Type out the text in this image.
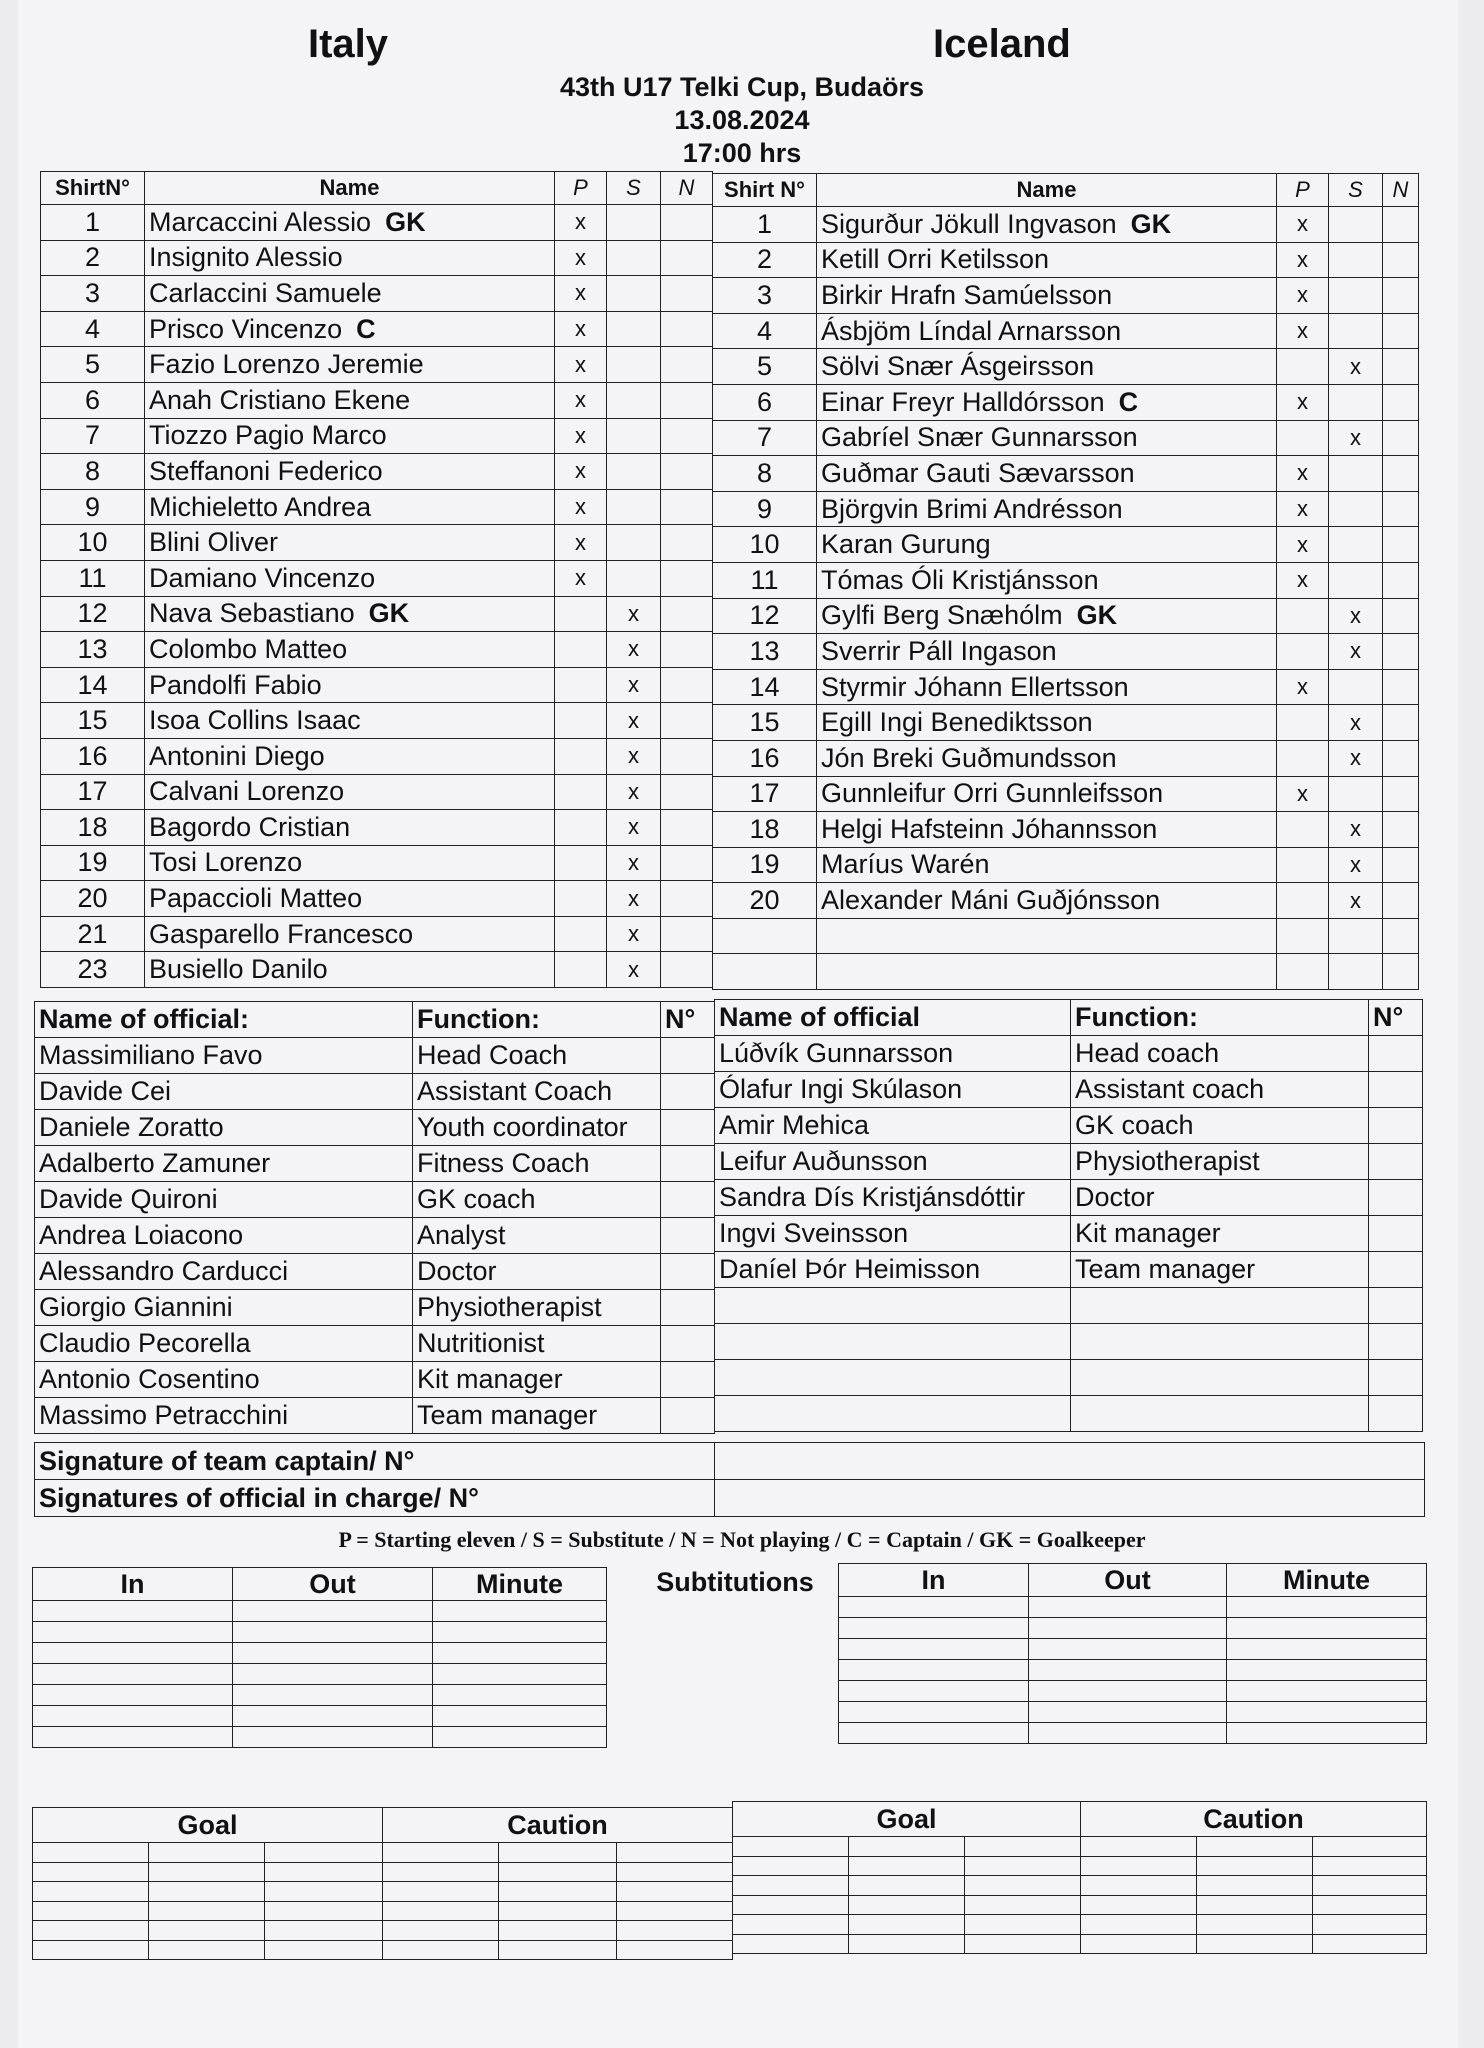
Italy	Iceland
43th U17 Telki Cup, Budaörs
13.08.2024
17:00 hrs
ShirtN°	Name	P	S	N
1	Marcaccini Alessio GK	x		
2	Insignito Alessio	x		
3	Carlaccini Samuele	x		
4	Prisco Vincenzo C	x		
5	Fazio Lorenzo Jeremie	x		
6	Anah Cristiano Ekene	x		
7	Tiozzo Pagio Marco	x		
8	Steffanoni Federico	x		
9	Michieletto Andrea	x		
10	Blini Oliver	x		
11	Damiano Vincenzo	x		
12	Nava Sebastiano GK		x	
13	Colombo Matteo		x	
14	Pandolfi Fabio		x	
15	Isoa Collins Isaac		x	
16	Antonini Diego		x	
17	Calvani Lorenzo		x	
18	Bagordo Cristian		x	
19	Tosi Lorenzo		x	
20	Papaccioli Matteo		x	
21	Gasparello Francesco		x	
23	Busiello Danilo		x	
Shirt N°	Name	P	S	N
1	Sigurður Jökull Ingvason GK	x		
2	Ketill Orri Ketilsson	x		
3	Birkir Hrafn Samúelsson	x		
4	Ásbjöm Líndal Arnarsson	x		
5	Sölvi Snær Ásgeirsson		x	
6	Einar Freyr Halldórsson C	x		
7	Gabríel Snær Gunnarsson		x	
8	Guðmar Gauti Sævarsson	x		
9	Björgvin Brimi Andrésson	x		
10	Karan Gurung	x		
11	Tómas Óli Kristjánsson	x		
12	Gylfi Berg Snæhólm GK		x	
13	Sverrir Páll Ingason		x	
14	Styrmir Jóhann Ellertsson	x		
15	Egill Ingi Benediktsson		x	
16	Jón Breki Guðmundsson		x	
17	Gunnleifur Orri Gunnleifsson	x		
18	Helgi Hafsteinn Jóhannsson		x	
19	Maríus Warén		x	
20	Alexander Máni Guðjónsson		x	

Name of official:	Function:	N°
Massimiliano Favo	Head Coach	
Davide Cei	Assistant Coach	
Daniele Zoratto	Youth coordinator	
Adalberto Zamuner	Fitness Coach	
Davide Quironi	GK coach	
Andrea Loiacono	Analyst	
Alessandro Carducci	Doctor	
Giorgio Giannini	Physiotherapist	
Claudio Pecorella	Nutritionist	
Antonio Cosentino	Kit manager	
Massimo Petracchini	Team manager	
Name of official	Function:	N°
Lúðvík Gunnarsson	Head coach	
Ólafur Ingi Skúlason	Assistant coach	
Amir Mehica	GK coach	
Leifur Auðunsson	Physiotherapist	
Sandra Dís Kristjánsdóttir	Doctor	
Ingvi Sveinsson	Kit manager	
Daníel Þór Heimisson	Team manager	

Signature of team captain/ N°	
Signatures of official in charge/ N°	
P = Starting eleven / S = Substitute / N = Not playing / C = Captain / GK = Goalkeeper
Subtitutions
In	Out	Minute

			In	Out	Minute

Goal			Caution		

						Goal			Caution		
